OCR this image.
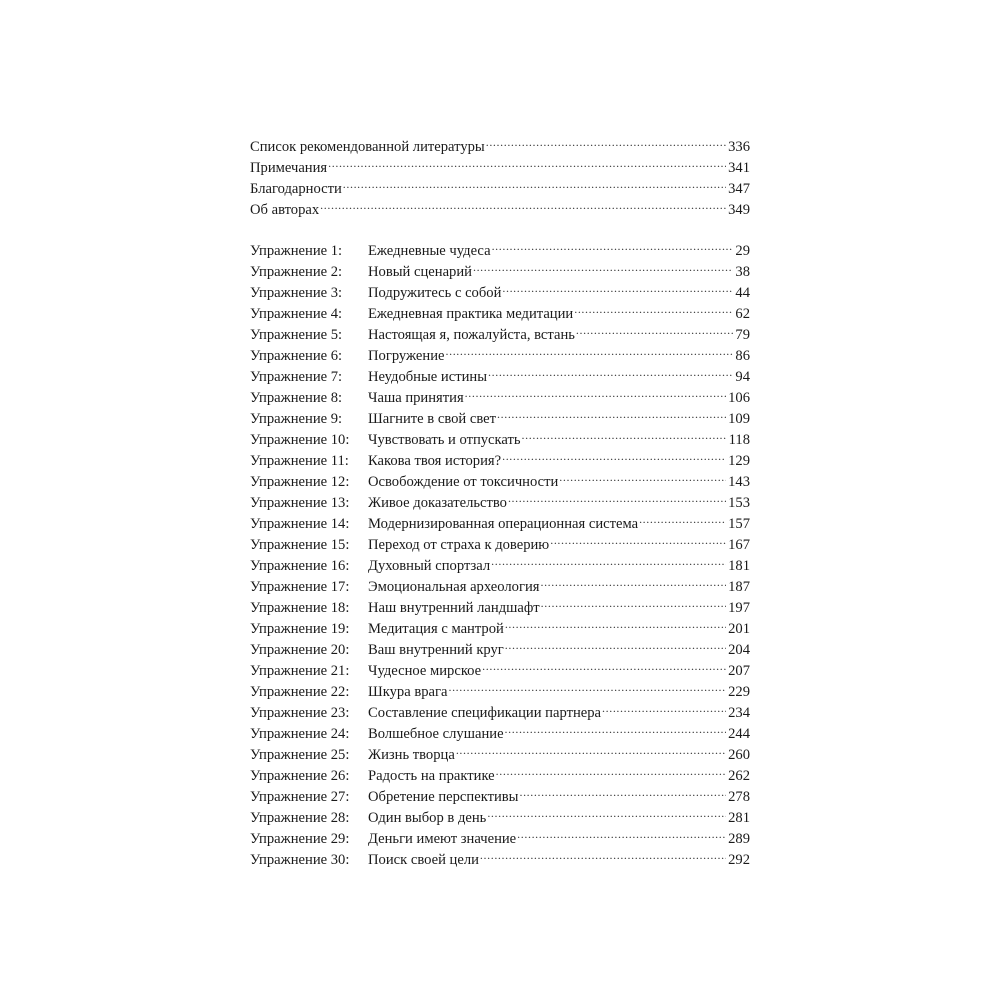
Список рекомендованной литературы .....	336
Примечания .....	341
Благодарности .....	347
Об авторах .....	349
Упражнение 1:	Ежедневные чудеса .....	29
Упражнение 2:	Новый сценарий .....	38
Упражнение 3:	Подружитесь с собой .....	44
Упражнение 4:	Ежедневная практика медитации .....	62
Упражнение 5:	Настоящая я, пожалуйста, встань .....	79
Упражнение 6:	Погружение .....	86
Упражнение 7:	Неудобные истины .....	94
Упражнение 8:	Чаша принятия .....	106
Упражнение 9:	Шагните в свой свет .....	109
Упражнение 10:	Чувствовать и отпускать .....	118
Упражнение 11:	Какова твоя история? .....	129
Упражнение 12:	Освобождение от токсичности .....	143
Упражнение 13:	Живое доказательство .....	153
Упражнение 14:	Модернизированная операционная система .....	157
Упражнение 15:	Переход от страха к доверию .....	167
Упражнение 16:	Духовный спортзал .....	181
Упражнение 17:	Эмоциональная археология .....	187
Упражнение 18:	Наш внутренний ландшафт .....	197
Упражнение 19:	Медитация с мантрой .....	201
Упражнение 20:	Ваш внутренний круг .....	204
Упражнение 21:	Чудесное мирское .....	207
Упражнение 22:	Шкура врага .....	229
Упражнение 23:	Составление спецификации партнера .....	234
Упражнение 24:	Волшебное слушание .....	244
Упражнение 25:	Жизнь творца .....	260
Упражнение 26:	Радость на практике .....	262
Упражнение 27:	Обретение перспективы .....	278
Упражнение 28:	Один выбор в день .....	281
Упражнение 29:	Деньги имеют значение .....	289
Упражнение 30:	Поиск своей цели .....	292
